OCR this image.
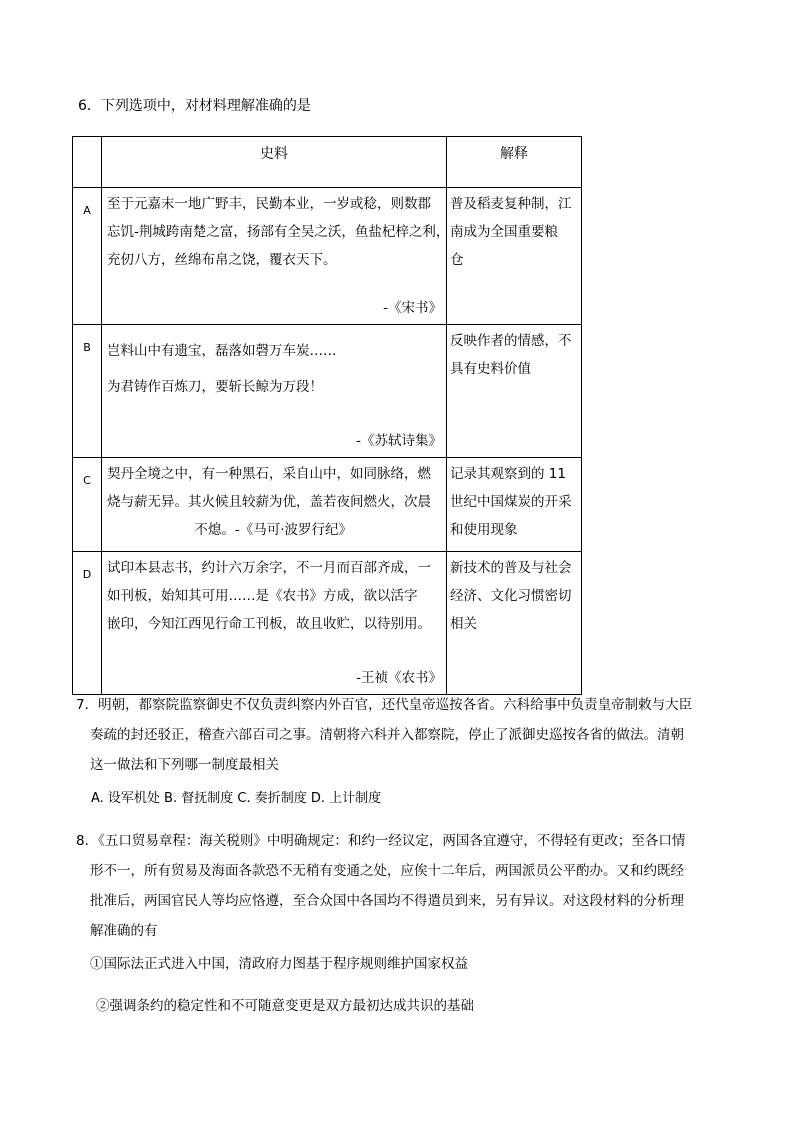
6．下列选项中，对材料理解准确的是
	史料	解释
A	至于元嘉末一地广野丰，民勤本业，一岁或稔，则数郡
忘饥-荆城跨南楚之富，扬部有全吴之沃，鱼盐杞梓之利，
充仞八方，丝绵布帛之饶，覆衣天下。
-《宋书》	普及稻麦复种制，江
南成为全国重要粮
仓

B	岂料山中有遗宝，磊落如磬万车炭……
为君铸作百炼刀，要斩长鲸为万段！
-《苏轼诗集》	反映作者的情感，不
具有史料价值

C	契丹全境之中，有一种黑石，采自山中，如同脉络，燃
烧与薪无异。其火候且较薪为优，盖若夜间燃火，次晨
不熄。-《马可·波罗行纪》	记录其观察到的 11
世纪中国煤炭的开采
和使用现象

D	试印本县志书，约计六万余字，不一月而百部齐成，一
如刊板，始知其可用……是《农书》方成，欲以活字
嵌印，今知江西见行命工刊板，故且收贮，以待别用。
-王祯《农书》	新技术的普及与社会
经济、文化习惯密切
相关
7．明朝，都察院监察御史不仅负责纠察内外百官，还代皇帝巡按各省。六科给事中负责皇帝制敕与大臣
奏疏的封还驳正，稽查六部百司之事。清朝将六科并入都察院，停止了派御史巡按各省的做法。清朝
这一做法和下列哪一制度最相关
A. 设军机处 B. 督抚制度 C. 奏折制度 D. 上计制度
8．《五口贸易章程：海关税则》中明确规定：和约一经议定，两国各宜遵守，不得轻有更改；至各口情
形不一，所有贸易及海面各款恐不无稍有变通之处，应俟十二年后，两国派员公平酌办。又和约既经
批准后，两国官民人等均应恪遵，至合众国中各国均不得遣员到来，另有异议。对这段材料的分析理
解准确的有
①国际法正式进入中国，清政府力图基于程序规则维护国家权益
②强调条约的稳定性和不可随意变更是双方最初达成共识的基础
